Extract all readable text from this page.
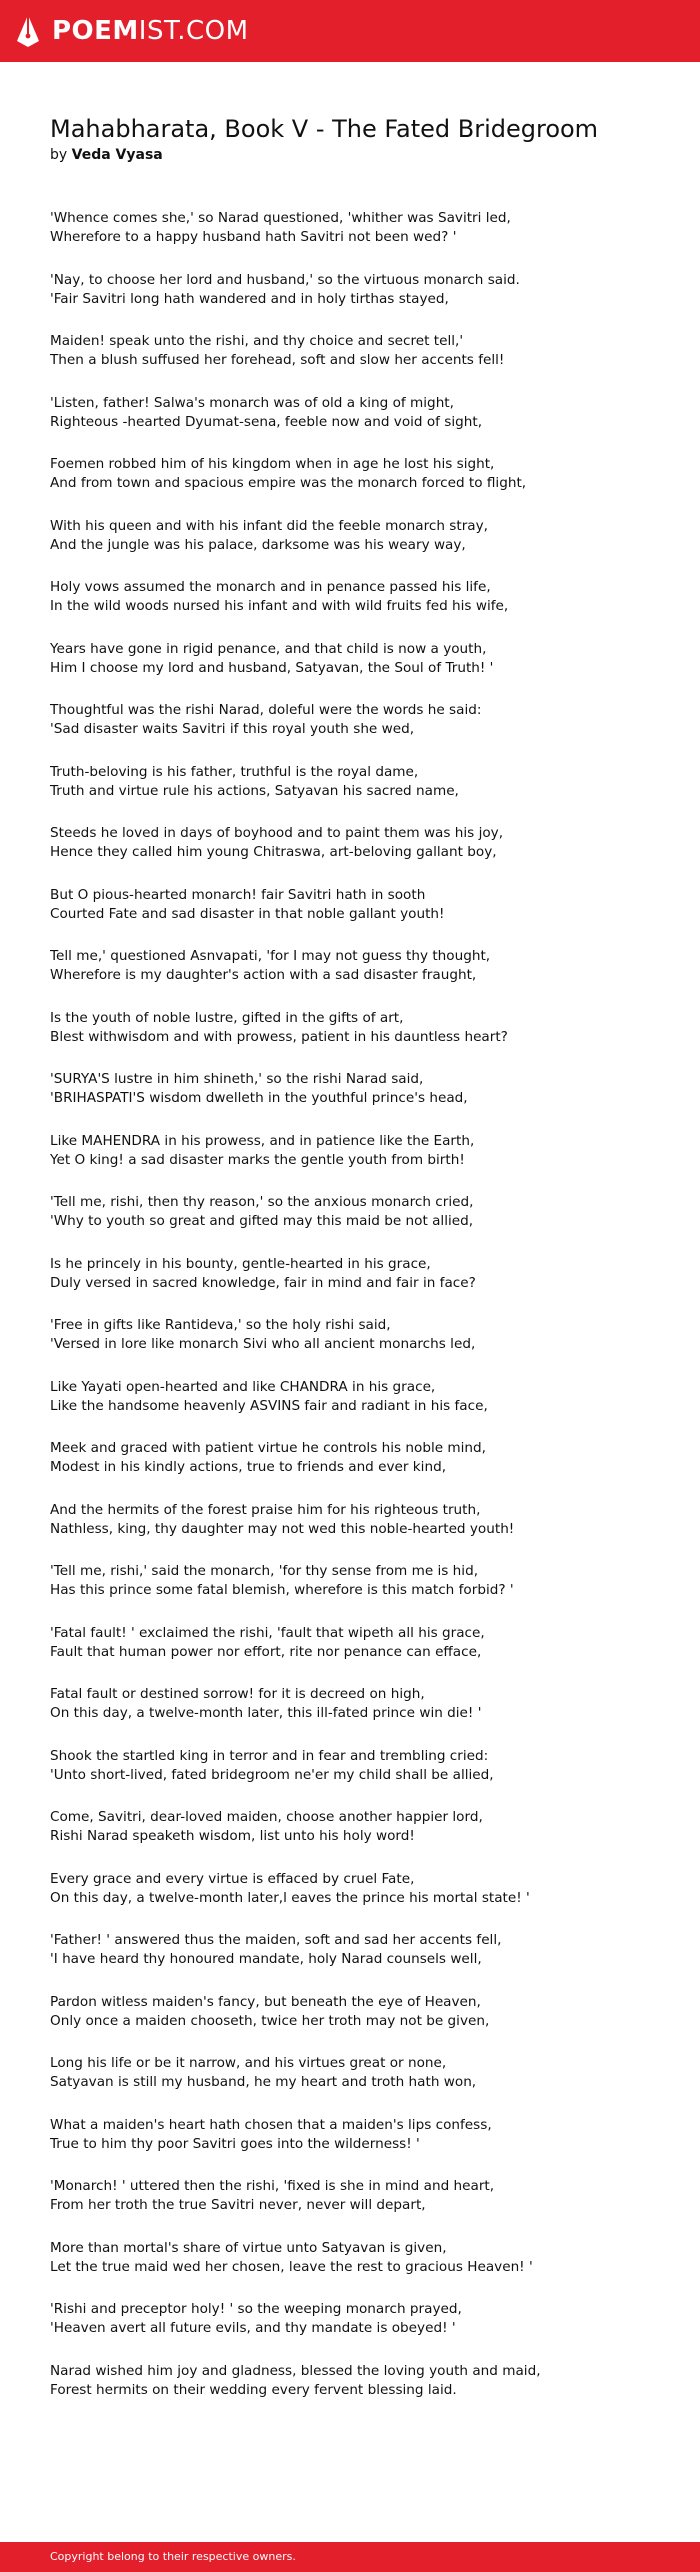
POEMIST.COM
Mahabharata, Book V - The Fated Bridegroom
by Veda Vyasa

'Whence comes she,' so Narad questioned, 'whither was Savitri led,
Wherefore to a happy husband hath Savitri not been wed? '

'Nay, to choose her lord and husband,' so the virtuous monarch said.
'Fair Savitri long hath wandered and in holy tirthas stayed,

Maiden! speak unto the rishi, and thy choice and secret tell,'
Then a blush suffused her forehead, soft and slow her accents fell!

'Listen, father! Salwa's monarch was of old a king of might,
Righteous -hearted Dyumat-sena, feeble now and void of sight,

Foemen robbed him of his kingdom when in age he lost his sight,
And from town and spacious empire was the monarch forced to flight,

With his queen and with his infant did the feeble monarch stray,
And the jungle was his palace, darksome was his weary way,

Holy vows assumed the monarch and in penance passed his life,
In the wild woods nursed his infant and with wild fruits fed his wife,

Years have gone in rigid penance, and that child is now a youth,
Him I choose my lord and husband, Satyavan, the Soul of Truth! '

Thoughtful was the rishi Narad, doleful were the words he said:
'Sad disaster waits Savitri if this royal youth she wed,

Truth-beloving is his father, truthful is the royal dame,
Truth and virtue rule his actions, Satyavan his sacred name,

Steeds he loved in days of boyhood and to paint them was his joy,
Hence they called him young Chitraswa, art-beloving gallant boy,

But O pious-hearted monarch! fair Savitri hath in sooth
Courted Fate and sad disaster in that noble gallant youth!

Tell me,' questioned Asnvapati, 'for I may not guess thy thought,
Wherefore is my daughter's action with a sad disaster fraught,

Is the youth of noble lustre, gifted in the gifts of art,
Blest withwisdom and with prowess, patient in his dauntless heart?

'SURYA'S lustre in him shineth,' so the rishi Narad said,
'BRIHASPATI'S wisdom dwelleth in the youthful prince's head,

Like MAHENDRA in his prowess, and in patience like the Earth,
Yet O king! a sad disaster marks the gentle youth from birth!

'Tell me, rishi, then thy reason,' so the anxious monarch cried,
'Why to youth so great and gifted may this maid be not allied,

Is he princely in his bounty, gentle-hearted in his grace,
Duly versed in sacred knowledge, fair in mind and fair in face?

'Free in gifts like Rantideva,' so the holy rishi said,
'Versed in lore like monarch Sivi who all ancient monarchs led,

Like Yayati open-hearted and like CHANDRA in his grace,
Like the handsome heavenly ASVINS fair and radiant in his face,

Meek and graced with patient virtue he controls his noble mind,
Modest in his kindly actions, true to friends and ever kind,

And the hermits of the forest praise him for his righteous truth,
Nathless, king, thy daughter may not wed this noble-hearted youth!

'Tell me, rishi,' said the monarch, 'for thy sense from me is hid,
Has this prince some fatal blemish, wherefore is this match forbid? '

'Fatal fault! ' exclaimed the rishi, 'fault that wipeth all his grace,
Fault that human power nor effort, rite nor penance can efface,

Fatal fault or destined sorrow! for it is decreed on high,
On this day, a twelve-month later, this ill-fated prince win die! '

Shook the startled king in terror and in fear and trembling cried:
'Unto short-lived, fated bridegroom ne'er my child shall be allied,

Come, Savitri, dear-loved maiden, choose another happier lord,
Rishi Narad speaketh wisdom, list unto his holy word!

Every grace and every virtue is effaced by cruel Fate,
On this day, a twelve-month later,l eaves the prince his mortal state! '

'Father! ' answered thus the maiden, soft and sad her accents fell,
'I have heard thy honoured mandate, holy Narad counsels well,

Pardon witless maiden's fancy, but beneath the eye of Heaven,
Only once a maiden chooseth, twice her troth may not be given,

Long his life or be it narrow, and his virtues great or none,
Satyavan is still my husband, he my heart and troth hath won,

What a maiden's heart hath chosen that a maiden's lips confess,
True to him thy poor Savitri goes into the wilderness! '

'Monarch! ' uttered then the rishi, 'fixed is she in mind and heart,
From her troth the true Savitri never, never will depart,

More than mortal's share of virtue unto Satyavan is given,
Let the true maid wed her chosen, leave the rest to gracious Heaven! '

'Rishi and preceptor holy! ' so the weeping monarch prayed,
'Heaven avert all future evils, and thy mandate is obeyed! '

Narad wished him joy and gladness, blessed the loving youth and maid,
Forest hermits on their wedding every fervent blessing laid.

Copyright belong to their respective owners.
